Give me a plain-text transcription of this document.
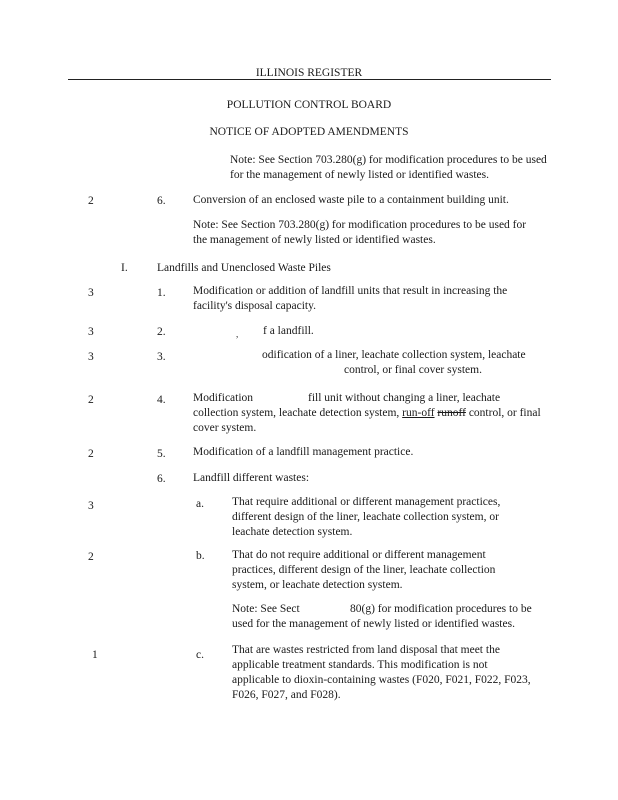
ILLINOIS REGISTER
POLLUTION CONTROL BOARD
NOTICE OF ADOPTED AMENDMENTS
Note: See Section 703.280(g) for modification procedures to be used for the management of newly listed or identified wastes.
2	6. Conversion of an enclosed waste pile to a containment building unit.
Note: See Section 703.280(g) for modification procedures to be used for the management of newly listed or identified wastes.
I.	Landfills and Unenclosed Waste Piles
3	1. Modification or addition of landfill units that result in increasing the facility's disposal capacity.
3	2.	, f a landfill.
3	3.	odification of a liner, leachate collection system, leachate
control, or final cover system.
2	4. Modification	fill unit without changing a liner, leachate collection system, leachate detection system, run-off runoff control, or final cover system.
2	5. Modification of a landfill management practice.
6. Landfill different wastes:
3	a. That require additional or different management practices, different design of the liner, leachate collection system, or leachate detection system.
2	b. That do not require additional or different management practices, different design of the liner, leachate collection system, or leachate detection system.
Note: See Sect	80(g) for modification procedures to be used for the management of newly listed or identified wastes.
1	c. That are wastes restricted from land disposal that meet the applicable treatment standards. This modification is not applicable to dioxin-containing wastes (F020, F021, F022, F023, F026, F027, and F028).
